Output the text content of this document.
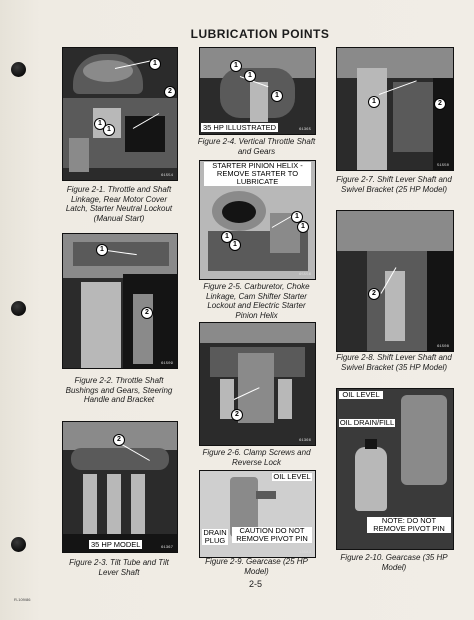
LUBRICATION POINTS
1
2
1
1
61554
Figure 2-1. Throttle and Shaft Linkage, Rear Motor Cover Latch, Starter Neutral Lockout (Manual Start)
1
2
61509
Figure 2-2. Throttle Shaft Bushings and Gears, Steering Handle and Bracket
2
35 HP MODEL	61367
Figure 2-3. Tilt Tube and Tilt Lever Shaft
1
1
1
35 HP ILLUSTRATED	61365
Figure 2-4. Vertical Throttle Shaft and Gears
STARTER PINION HELIX - REMOVE STARTER TO LUBRICATE
1
1
1
1
65556
Figure 2-5. Carburetor, Choke Linkage, Cam Shifter Starter Lockout and Electric Starter Pinion Helix
2
61366
Figure 2-6. Clamp Screws and Reverse Lock
OIL LEVEL
DRAIN PLUG
CAUTION DO NOT REMOVE PIVOT PIN
13583
Figure 2-9. Gearcase (25 HP Model)
1	2
51550
Figure 2-7. Shift Lever Shaft and Swivel Bracket (25 HP Model)
2
61508
Figure 2-8. Shift Lever Shaft and Swivel Bracket (35 HP Model)
OIL LEVEL
OIL DRAIN/FILL
NOTE: DO NOT REMOVE PIVOT PIN
Figure 2-10. Gearcase (35 HP Model)
2-5
R-109/86
